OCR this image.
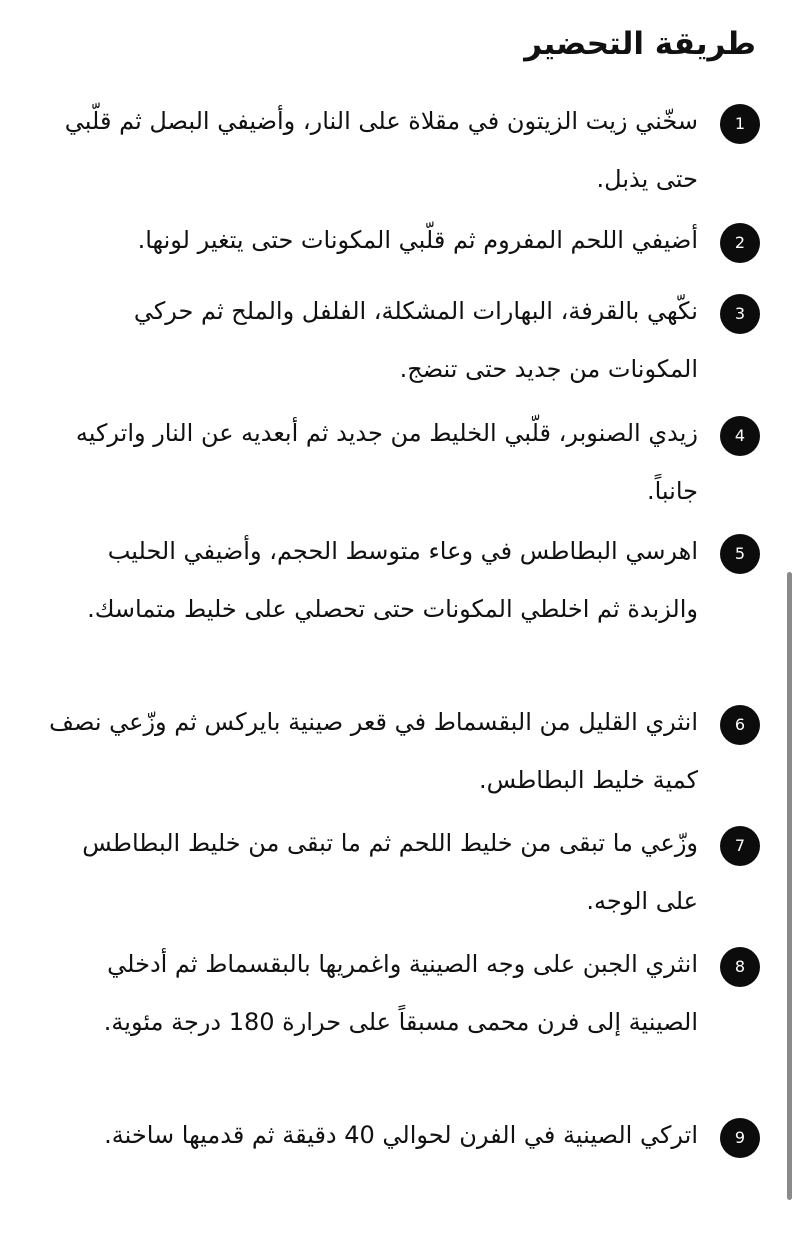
طريقة التحضير
1

سخّني زيت الزيتون في مقلاة على النار، وأضيفي البصل ثم قلّبي حتى يذبل.

2

أضيفي اللحم المفروم ثم قلّبي المكونات حتى يتغير لونها.

3

نكّهي بالقرفة، البهارات المشكلة، الفلفل والملح ثم حركي المكونات من جديد حتى تنضج.

4

زيدي الصنوبر، قلّبي الخليط من جديد ثم أبعديه عن النار واتركيه جانباً.

5

اهرسي البطاطس في وعاء متوسط الحجم، وأضيفي الحليب والزبدة ثم اخلطي المكونات حتى تحصلي على خليط متماسك.

6

انثري القليل من البقسماط في قعر صينية بايركس ثم وزّعي نصف كمية خليط البطاطس.

7

وزّعي ما تبقى من خليط اللحم ثم ما تبقى من خليط البطاطس على الوجه.

8

انثري الجبن على وجه الصينية واغمريها بالبقسماط ثم أدخلي الصينية إلى فرن محمى مسبقاً على حرارة 180 درجة مئوية.

9

اتركي الصينية في الفرن لحوالي 40 دقيقة ثم قدميها ساخنة.
